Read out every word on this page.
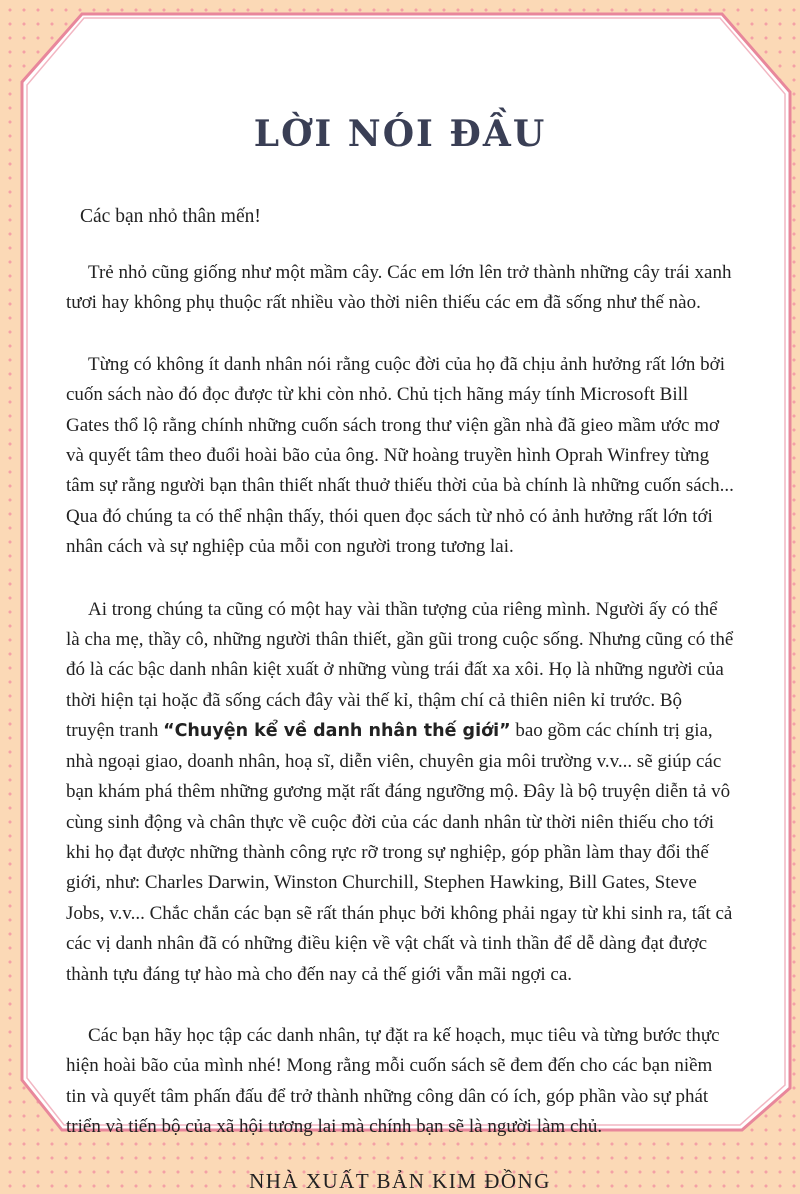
LỜI NÓI ĐẦU

Các bạn nhỏ thân mến!

Trẻ nhỏ cũng giống như một mầm cây. Các em lớn lên trở thành những cây trái xanh tươi hay không phụ thuộc rất nhiều vào thời niên thiếu các em đã sống như thế nào.

Từng có không ít danh nhân nói rằng cuộc đời của họ đã chịu ảnh hưởng rất lớn bởi cuốn sách nào đó đọc được từ khi còn nhỏ. Chủ tịch hãng máy tính Microsoft Bill Gates thổ lộ rằng chính những cuốn sách trong thư viện gần nhà đã gieo mầm ước mơ và quyết tâm theo đuổi hoài bão của ông. Nữ hoàng truyền hình Oprah Winfrey từng tâm sự rằng người bạn thân thiết nhất thuở thiếu thời của bà chính là những cuốn sách... Qua đó chúng ta có thể nhận thấy, thói quen đọc sách từ nhỏ có ảnh hưởng rất lớn tới nhân cách và sự nghiệp của mỗi con người trong tương lai.

Ai trong chúng ta cũng có một hay vài thần tượng của riêng mình. Người ấy có thể là cha mẹ, thầy cô, những người thân thiết, gần gũi trong cuộc sống. Nhưng cũng có thể đó là các bậc danh nhân kiệt xuất ở những vùng trái đất xa xôi. Họ là những người của thời hiện tại hoặc đã sống cách đây vài thế kỉ, thậm chí cả thiên niên kỉ trước. Bộ truyện tranh “Chuyện kể về danh nhân thế giới” bao gồm các chính trị gia, nhà ngoại giao, doanh nhân, hoạ sĩ, diễn viên, chuyên gia môi trường v.v... sẽ giúp các bạn khám phá thêm những gương mặt rất đáng ngưỡng mộ. Đây là bộ truyện diễn tả vô cùng sinh động và chân thực về cuộc đời của các danh nhân từ thời niên thiếu cho tới khi họ đạt được những thành công rực rỡ trong sự nghiệp, góp phần làm thay đổi thế giới, như: Charles Darwin, Winston Churchill, Stephen Hawking, Bill Gates, Steve Jobs, v.v... Chắc chắn các bạn sẽ rất thán phục bởi không phải ngay từ khi sinh ra, tất cả các vị danh nhân đã có những điều kiện về vật chất và tinh thần để dễ dàng đạt được thành tựu đáng tự hào mà cho đến nay cả thế giới vẫn mãi ngợi ca.

Các bạn hãy học tập các danh nhân, tự đặt ra kế hoạch, mục tiêu và từng bước thực hiện hoài bão của mình nhé! Mong rằng mỗi cuốn sách sẽ đem đến cho các bạn niềm tin và quyết tâm phấn đấu để trở thành những công dân có ích, góp phần vào sự phát triển và tiến bộ của xã hội tương lai mà chính bạn sẽ là người làm chủ.

NHÀ XUẤT BẢN KIM ĐỒNG
